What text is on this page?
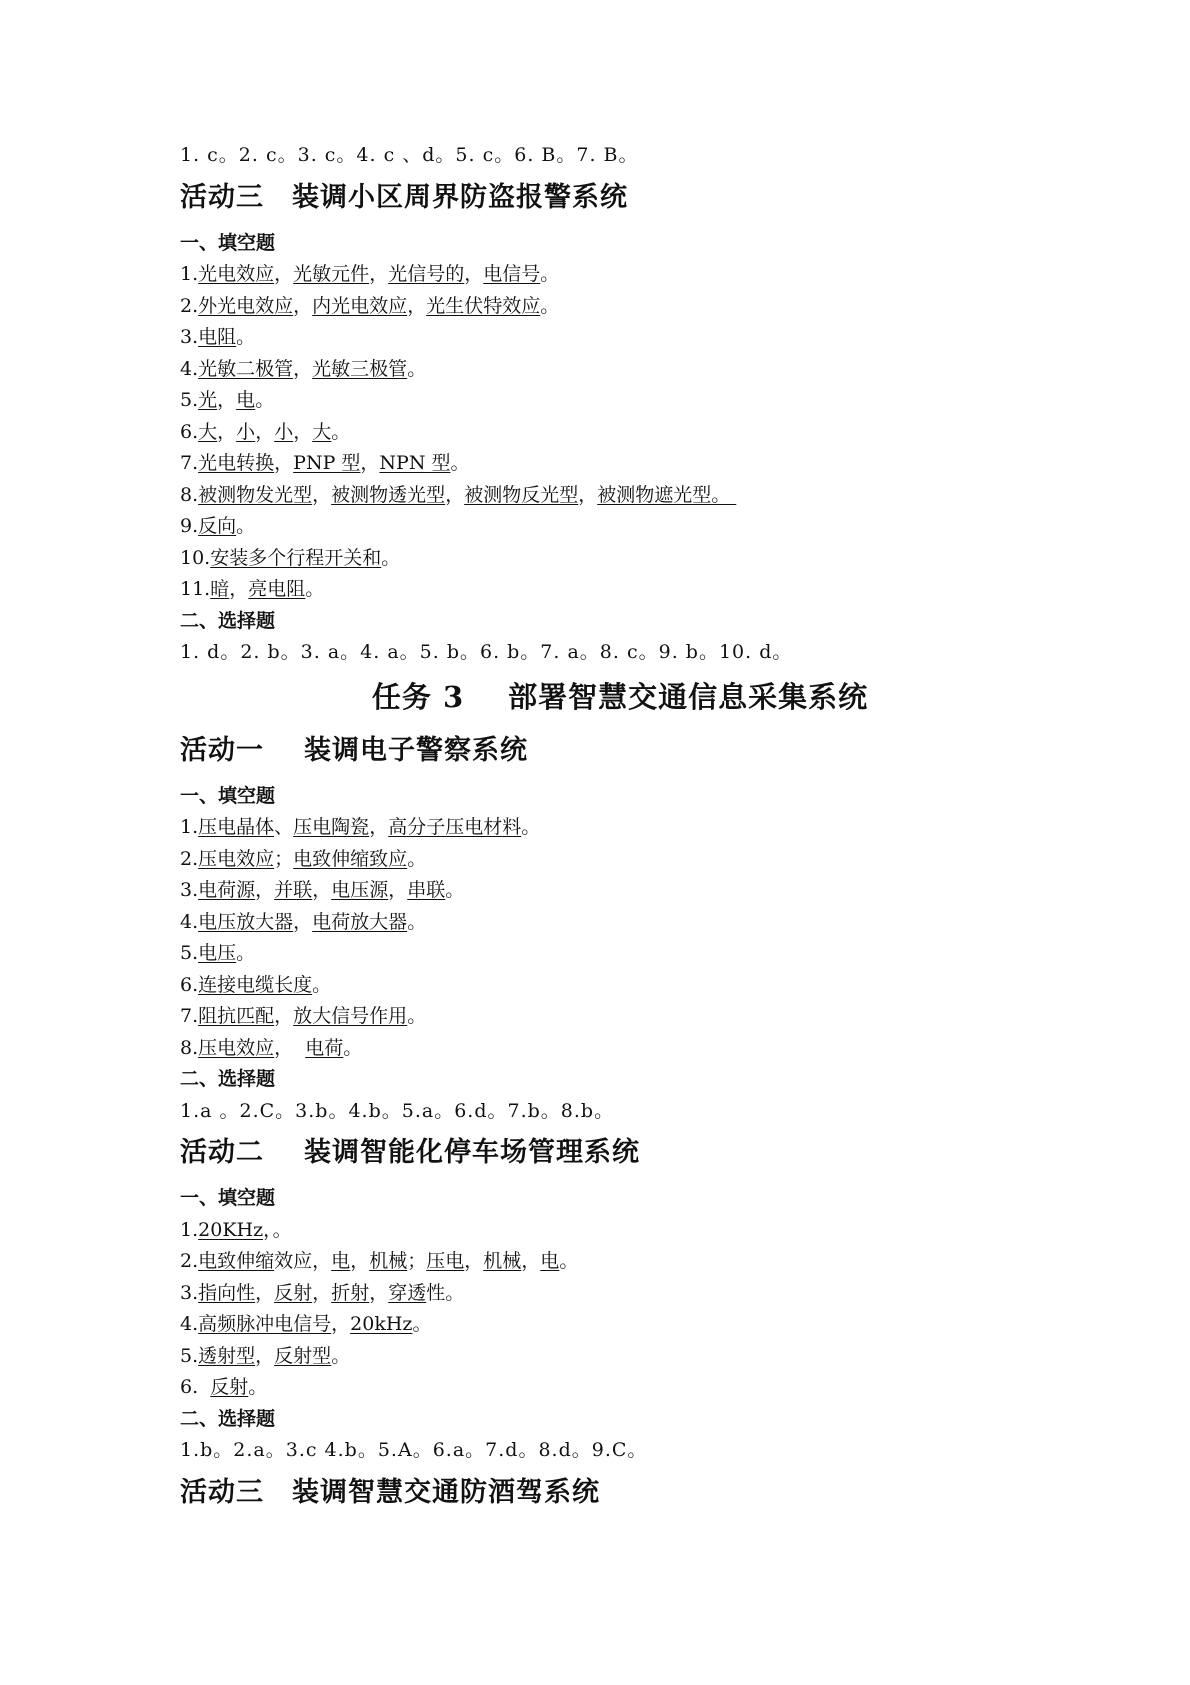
1. c。2. c。3. c。4. c 、d。5. c。6. B。7. B。
活动三 装调小区周界防盗报警系统
一、填空题
1.光电效应，光敏元件，光信号的，电信号。
2.外光电效应，内光电效应，光生伏特效应。
3.电阻。
4.光敏二极管，光敏三极管。
5.光，电。
6.大，小，小，大。
7.光电转换，PNP 型，NPN 型。
8.被测物发光型，被测物透光型，被测物反光型，被测物遮光型。
9.反向。
10.安装多个行程开关和。
11.暗，亮电阻。
二、选择题
1. d。2. b。3. a。4. a。5. b。6. b。7. a。8. c。9. b。10. d。
任务 3 部署智慧交通信息采集系统
活动一 装调电子警察系统
一、填空题
1.压电晶体、压电陶瓷，高分子压电材料。
2.压电效应；电致伸缩致应。
3.电荷源，并联，电压源，串联。
4.电压放大器，电荷放大器。
5.电压。
6.连接电缆长度。
7.阻抗匹配，放大信号作用。
8.压电效应，  电荷。
二、选择题
1.a 。2.C。3.b。4.b。5.a。6.d。7.b。8.b。
活动二 装调智能化停车场管理系统
一、填空题
1.20KHz，。
2.电致伸缩效应，电，机械；压电，机械，电。
3.指向性，反射，折射，穿透性。
4.高频脉冲电信号，20kHz。
5.透射型，反射型。
6.  反射。
二、选择题
1.b。2.a。3.c 4.b。5.A。6.a。7.d。8.d。9.C。
活动三 装调智慧交通防酒驾系统
